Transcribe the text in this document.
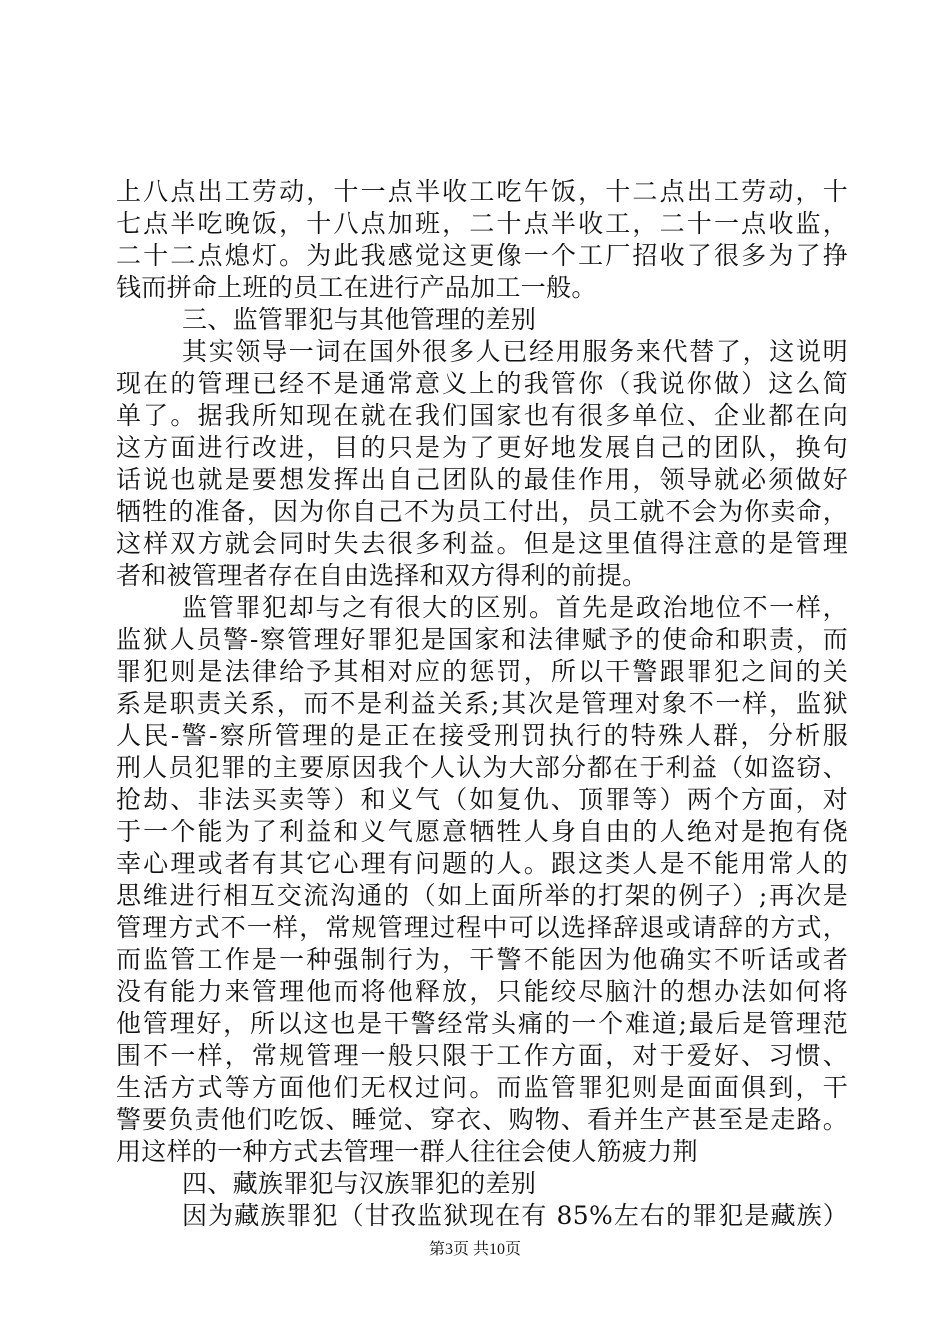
上八点出工劳动，十一点半收工吃午饭，十二点出工劳动，十
七点半吃晚饭，十八点加班，二十点半收工，二十一点收监，
二十二点熄灯。为此我感觉这更像一个工厂招收了很多为了挣
钱而拼命上班的员工在进行产品加工一般。
三、监管罪犯与其他管理的差别
其实领导一词在国外很多人已经用服务来代替了，这说明
现在的管理已经不是通常意义上的我管你（我说你做）这么简
单了。据我所知现在就在我们国家也有很多单位、企业都在向
这方面进行改进，目的只是为了更好地发展自己的团队，换句
话说也就是要想发挥出自己团队的最佳作用，领导就必须做好
牺牲的准备，因为你自己不为员工付出，员工就不会为你卖命，
这样双方就会同时失去很多利益。但是这里值得注意的是管理
者和被管理者存在自由选择和双方得利的前提。
监管罪犯却与之有很大的区别。首先是政治地位不一样，
监狱人员警-察管理好罪犯是国家和法律赋予的使命和职责，而
罪犯则是法律给予其相对应的惩罚，所以干警跟罪犯之间的关
系是职责关系，而不是利益关系;其次是管理对象不一样，监狱
人民-警-察所管理的是正在接受刑罚执行的特殊人群，分析服
刑人员犯罪的主要原因我个人认为大部分都在于利益（如盗窃、
抢劫、非法买卖等）和义气（如复仇、顶罪等）两个方面，对
于一个能为了利益和义气愿意牺牲人身自由的人绝对是抱有侥
幸心理或者有其它心理有问题的人。跟这类人是不能用常人的
思维进行相互交流沟通的（如上面所举的打架的例子）;再次是
管理方式不一样，常规管理过程中可以选择辞退或请辞的方式，
而监管工作是一种强制行为，干警不能因为他确实不听话或者
没有能力来管理他而将他释放，只能绞尽脑汁的想办法如何将
他管理好，所以这也是干警经常头痛的一个难道;最后是管理范
围不一样，常规管理一般只限于工作方面，对于爱好、习惯、
生活方式等方面他们无权过问。而监管罪犯则是面面俱到，干
警要负责他们吃饭、睡觉、穿衣、购物、看并生产甚至是走路。
用这样的一种方式去管理一群人往往会使人筋疲力荆
四、藏族罪犯与汉族罪犯的差别
因为藏族罪犯（甘孜监狱现在有 85%左右的罪犯是藏族）
第3页 共10页
